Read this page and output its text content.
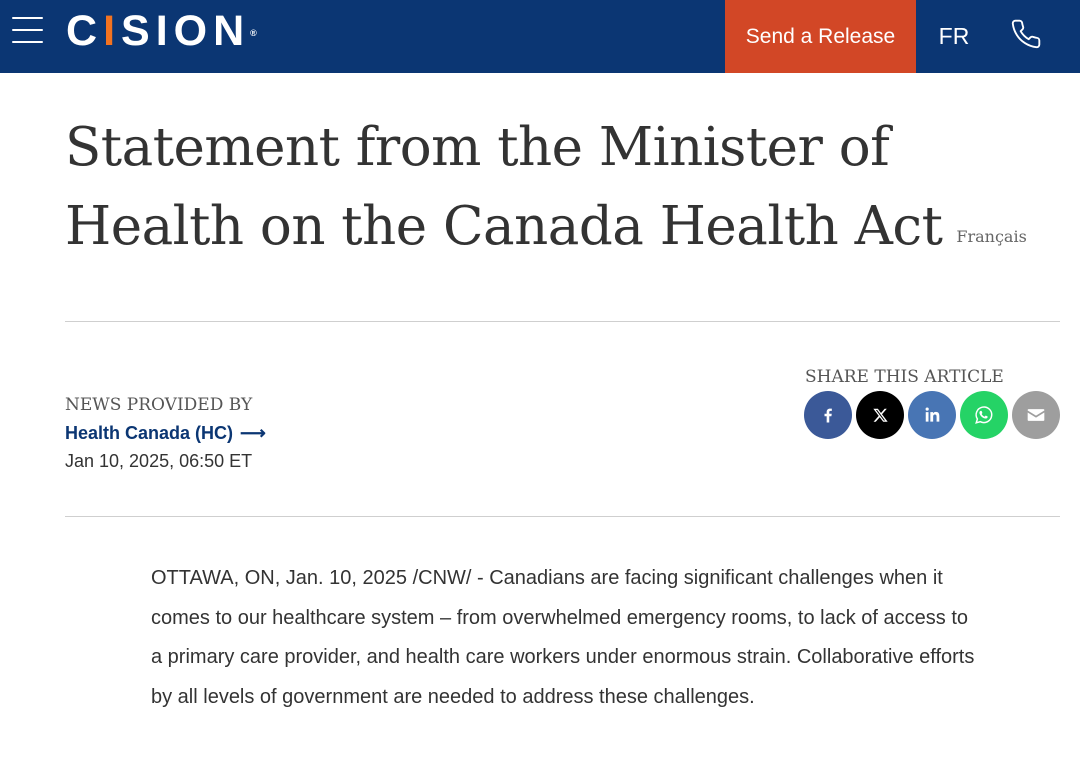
CISION®	Send a Release	FR
Statement from the Minister of Health on the Canada Health Act Français
NEWS PROVIDED BY
Health Canada (HC) ⟶
Jan 10, 2025, 06:50 ET
SHARE THIS ARTICLE

OTTAWA, ON, Jan. 10, 2025 /CNW/ - Canadians are facing significant challenges when it comes to our healthcare system – from overwhelmed emergency rooms, to lack of access to a primary care provider, and health care workers under enormous strain. Collaborative efforts by all levels of government are needed to address these challenges.
